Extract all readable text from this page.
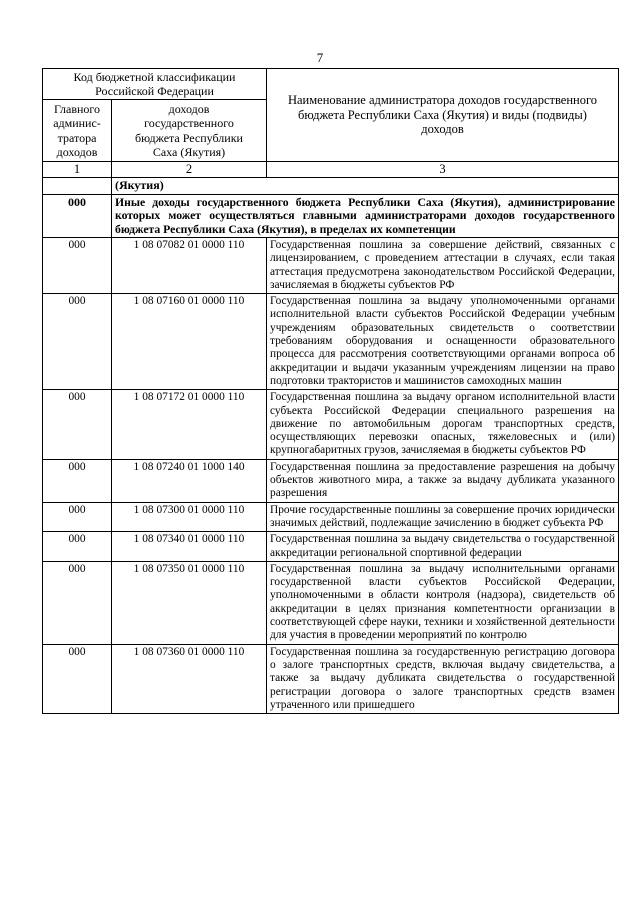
7
Код бюджетной классификации Российской Федерации		Наименование администратора доходов государственного бюджета Республики Саха (Якутия) и виды (подвиды) доходов
Главного админис-тратора доходов	доходов государственного бюджета Республики Саха (Якутия)	
1	2	3
	(Якутия)	
000	Иные доходы государственного бюджета Республики Саха (Якутия), администрирование которых может осуществляться главными администраторами доходов государственного бюджета Республики Саха (Якутия), в пределах их компетенции	
000	1 08 07082 01 0000 110	Государственная пошлина за совершение действий, связанных с лицензированием, с проведением аттестации в случаях, если такая аттестация предусмотрена законодательством Российской Федерации, зачисляемая в бюджеты субъектов РФ
000	1 08 07160 01 0000 110	Государственная пошлина за выдачу уполномоченными органами исполнительной власти субъектов Российской Федерации учебным учреждениям образовательных свидетельств о соответствии требованиям оборудования и оснащенности образовательного процесса для рассмотрения соответствующими органами вопроса об аккредитации и выдачи указанным учреждениям лицензии на право подготовки трактористов и машинистов самоходных машин
000	1 08 07172 01 0000 110	Государственная пошлина за выдачу органом исполнительной власти субъекта Российской Федерации специального разрешения на движение по автомобильным дорогам транспортных средств, осуществляющих перевозки опасных, тяжеловесных и (или) крупногабаритных грузов, зачисляемая в бюджеты субъектов РФ
000	1 08 07240 01 1000 140	Государственная пошлина за предоставление разрешения на добычу объектов животного мира, а также за выдачу дубликата указанного разрешения
000	1 08 07300 01 0000 110	Прочие государственные пошлины за совершение прочих юридически значимых действий, подлежащие зачислению в бюджет субъекта РФ
000	1 08 07340 01 0000 110	Государственная пошлина за выдачу свидетельства о государственной аккредитации региональной спортивной федерации
000	1 08 07350 01 0000 110	Государственная пошлина за выдачу исполнительными органами государственной власти субъектов Российской Федерации, уполномоченными в области контроля (надзора), свидетельств об аккредитации в целях признания компетентности организации в соответствующей сфере науки, техники и хозяйственной деятельности для участия в проведении мероприятий по контролю
000	1 08 07360 01 0000 110	Государственная пошлина за государственную регистрацию договора о залоге транспортных средств, включая выдачу свидетельства, а также за выдачу дубликата свидетельства о государственной регистрации договора о залоге транспортных средств взамен утраченного или пришедшего
